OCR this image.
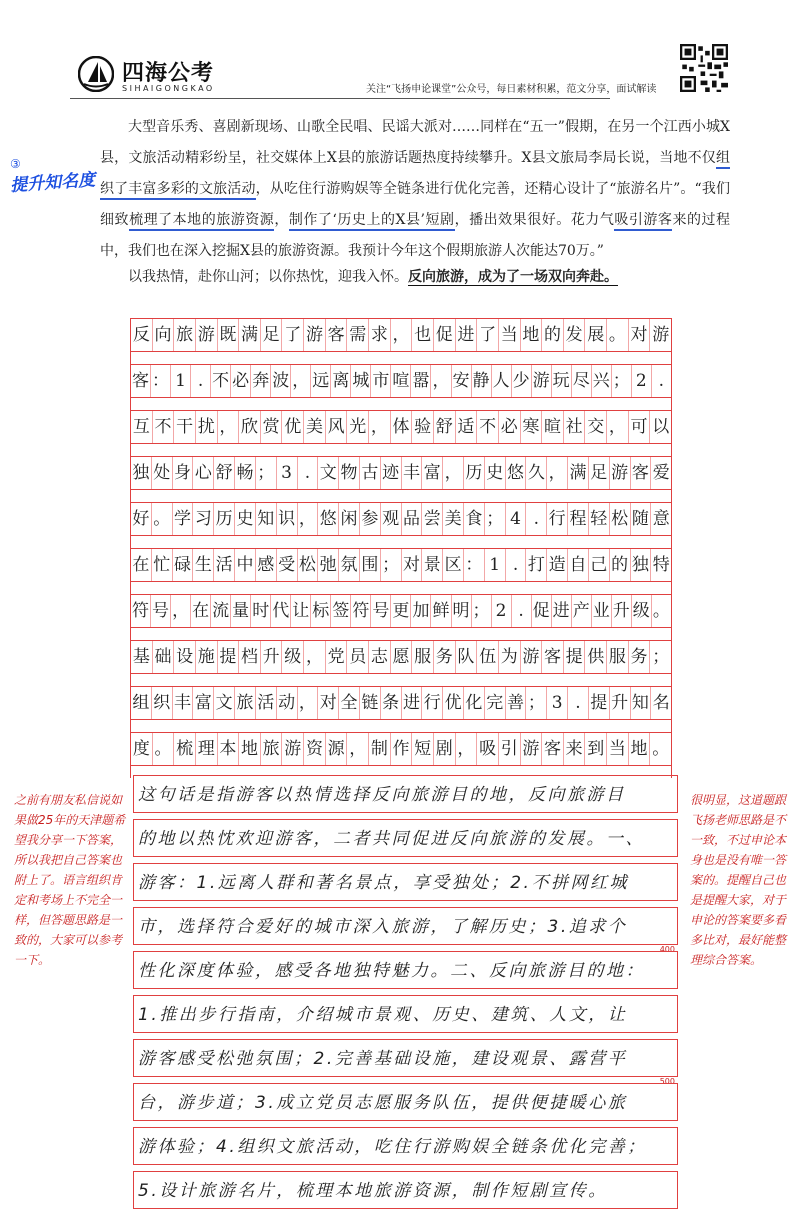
四海公考
SIHAIGONGKAO	关注“飞扬申论课堂”公众号，每日素材积累，范文分享，面试解读
③
提升知名度
大型音乐秀、喜剧新现场、山歌全民唱、民谣大派对……同样在“五一”假期，在另一个江西小城X县，文旅活动精彩纷呈，社交媒体上X县的旅游话题热度持续攀升。X县文旅局李局长说，当地不仅组织了丰富多彩的文旅活动，从吃住行游购娱等全链条进行优化完善，还精心设计了“旅游名片”。“我们细致梳理了本地的旅游资源，制作了‘历史上的X县’短剧，播出效果很好。花力气吸引游客来的过程中，我们也在深入挖掘X县的旅游资源。我预计今年这个假期旅游人次能达70万。”
以我热情，赴你山河；以你热忱，迎我入怀。反向旅游，成为了一场双向奔赴。
反 向 旅 游 既 满 足 了 游 客 需 求 ， 也 促 进 了 当 地 的 发 展 。 对 游
客 ： 1 . 不 必 奔 波 ， 远 离 城 市 喧 嚣 ， 安 静 人 少 游 玩 尽 兴 ； 2 .
互 不 干 扰 ， 欣 赏 优 美 风 光 ， 体 验 舒 适 不 必 寒 暄 社 交 ， 可 以
独 处 身 心 舒 畅 ； 3 . 文 物 古 迹 丰 富 ， 历 史 悠 久 ， 满 足 游 客 爱
好 。 学 习 历 史 知 识 ， 悠 闲 参 观 品 尝 美 食 ； 4 . 行 程 轻 松 随 意
在 忙 碌 生 活 中 感 受 松 弛 氛 围 ； 对 景 区 ： 1 . 打 造 自 己 的 独 特
符 号 ， 在 流 量 时 代 让 标 签 符 号 更 加 鲜 明 ； 2 . 促 进 产 业 升 级 。
基 础 设 施 提 档 升 级 ， 党 员 志 愿 服 务 队 伍 为 游 客 提 供 服 务 ；
组 织 丰 富 文 旅 活 动 ， 对 全 链 条 进 行 优 化 完 善 ； 3 . 提 升 知 名
度 。 梳 理 本 地 旅 游 资 源 ， 制 作 短 剧 ， 吸 引 游 客 来 到 当 地 。
这句话是指游客以热情选择反向旅游目的地，反向旅游目
的地以热忱欢迎游客，二者共同促进反向旅游的发展。一、
游客：1.远离人群和著名景点，享受独处；2.不拼网红城
市，选择符合爱好的城市深入旅游，了解历史；3.追求个
400
性化深度体验，感受各地独特魅力。二、反向旅游目的地：
1.推出步行指南，介绍城市景观、历史、建筑、人文，让
游客感受松弛氛围；2.完善基础设施，建设观景、露营平
500
台，游步道；3.成立党员志愿服务队伍，提供便捷暖心旅
游体验；4.组织文旅活动，吃住行游购娱全链条优化完善；
5.设计旅游名片，梳理本地旅游资源，制作短剧宣传。
之前有朋友私信说如果做25年的天津题希望我分享一下答案，所以我把自己答案也附上了。语言组织肯定和考场上不完全一样，但答题思路是一致的，大家可以参考一下。
很明显，这道题跟飞扬老师思路是不一致，不过申论本身也是没有唯一答案的。提醒自己也是提醒大家，对于申论的答案要多看多比对，最好能整理综合答案。
